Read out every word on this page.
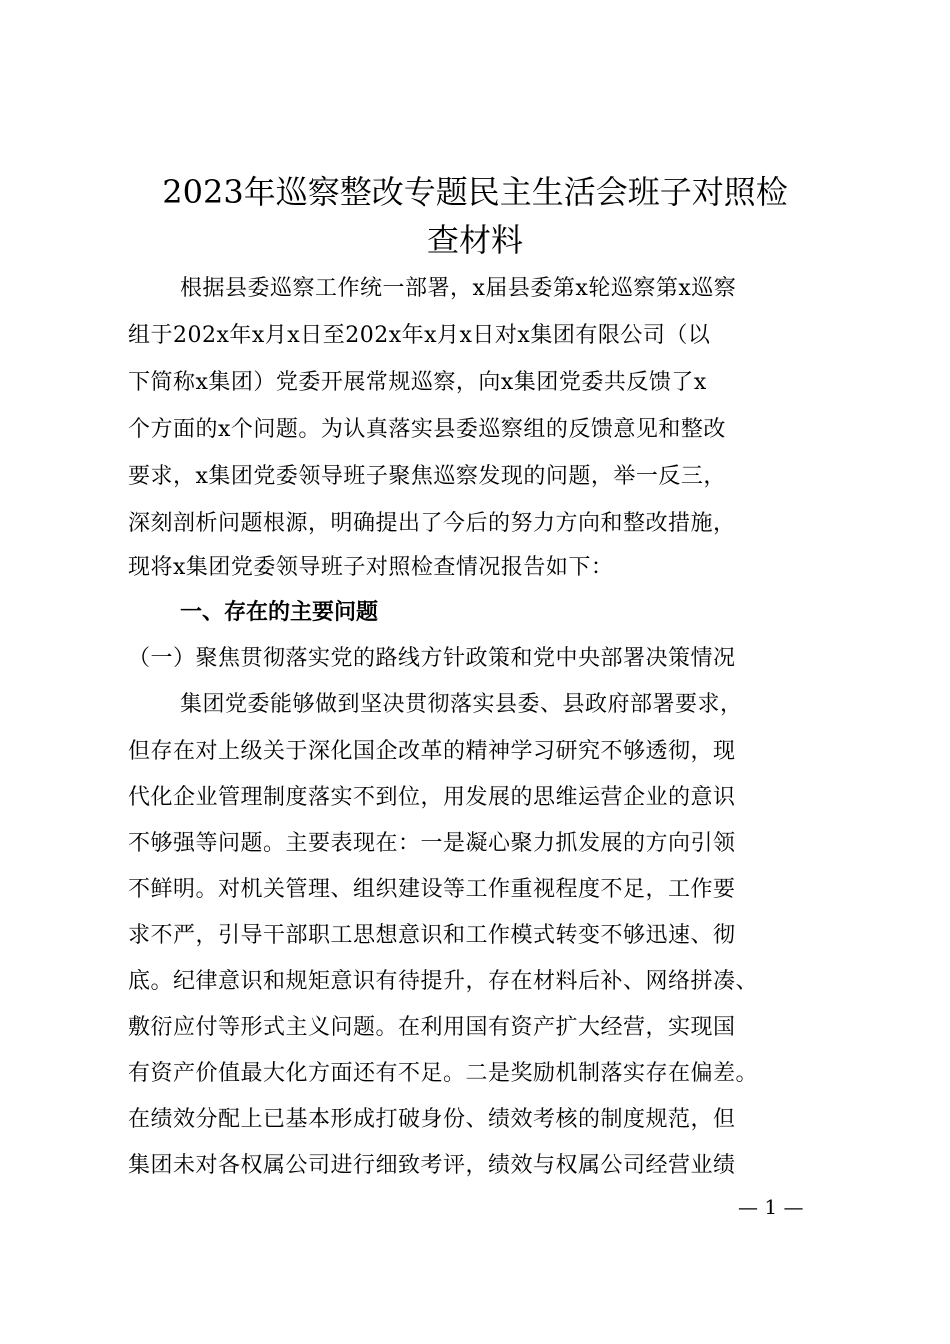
2023年巡察整改专题民主生活会班子对照检
查材料
根据县委巡察工作统一部署，x届县委第x轮巡察第x巡察
组于202x年x月x日至202x年x月x日对x集团有限公司（以
下简称x集团）党委开展常规巡察，向x集团党委共反馈了x
个方面的x个问题。为认真落实县委巡察组的反馈意见和整改
要求，x集团党委领导班子聚焦巡察发现的问题，举一反三，
深刻剖析问题根源，明确提出了今后的努力方向和整改措施，
现将x集团党委领导班子对照检查情况报告如下：
一、存在的主要问题
（一）聚焦贯彻落实党的路线方针政策和党中央部署决策情况
集团党委能够做到坚决贯彻落实县委、县政府部署要求，
但存在对上级关于深化国企改革的精神学习研究不够透彻，现
代化企业管理制度落实不到位，用发展的思维运营企业的意识
不够强等问题。主要表现在：一是凝心聚力抓发展的方向引领
不鲜明。对机关管理、组织建设等工作重视程度不足，工作要
求不严，引导干部职工思想意识和工作模式转变不够迅速、彻
底。纪律意识和规矩意识有待提升，存在材料后补、网络拼凑、
敷衍应付等形式主义问题。在利用国有资产扩大经营，实现国
有资产价值最大化方面还有不足。二是奖励机制落实存在偏差。
在绩效分配上已基本形成打破身份、绩效考核的制度规范，但
集团未对各权属公司进行细致考评，绩效与权属公司经营业绩
— 1 —
